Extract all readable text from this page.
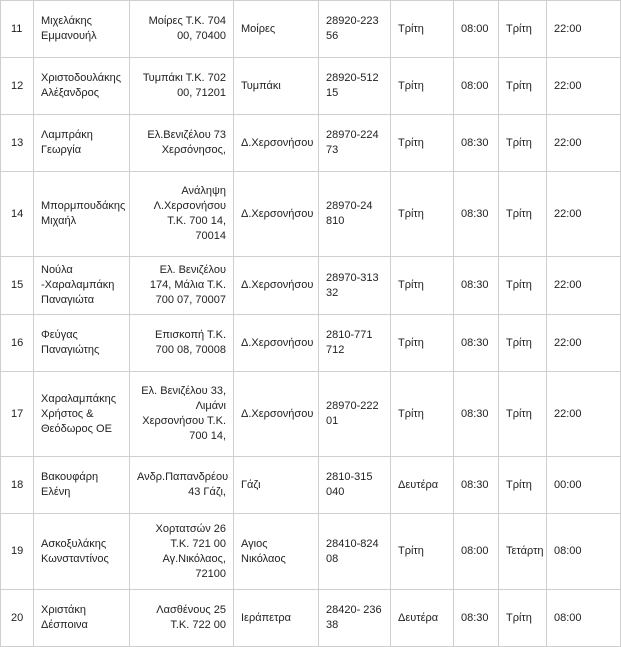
11	Μιχελάκης
Εμμανουήλ	Μοίρες Τ.Κ. 704
00, 70400	Μοίρες	28920-223
56	Τρίτη	08:00	Τρίτη	22:00
12	Χριστοδουλάκης
Αλέξανδρος	Τυμπάκι Τ.Κ. 702
00, 71201	Τυμπάκι	28920-512
15	Τρίτη	08:00	Τρίτη	22:00
13	Λαμπράκη
Γεωργία	Ελ.Βενιζέλου 73
Χερσόνησος,	Δ.Χερσονήσου	28970-224
73	Τρίτη	08:30	Τρίτη	22:00
14	Μπορμπουδάκης
Μιχαήλ	Ανάληψη
Λ.Χερσονήσου
Τ.Κ. 700 14,
70014	Δ.Χερσονήσου	28970-24
810	Τρίτη	08:30	Τρίτη	22:00
15	Νούλα
-Χαραλαμπάκη
Παναγιώτα	Ελ. Βενιζέλου
174, Μάλια Τ.Κ.
700 07, 70007	Δ.Χερσονήσου	28970-313
32	Τρίτη	08:30	Τρίτη	22:00
16	Φεύγας
Παναγιώτης	Επισκοπή Τ.Κ.
700 08, 70008	Δ.Χερσονήσου	2810-771
712	Τρίτη	08:30	Τρίτη	22:00
17	Χαραλαμπάκης
Χρήστος &
Θεόδωρος ΟΕ	Ελ. Βενιζέλου 33,
Λιμάνι
Χερσονήσου Τ.Κ.
700 14,	Δ.Χερσονήσου	28970-222
01	Τρίτη	08:30	Τρίτη	22:00
18	Βακουφάρη
Ελένη	Ανδρ.Παπανδρέου
43 Γάζι,	Γάζι	2810-315
040	Δευτέρα	08:30	Τρίτη	00:00
19	Ασκοξυλάκης
Κωνσταντίνος	Χορτατσών 26
Τ.Κ. 721 00
Αγ.Νικόλαος,
72100	Αγιος
Νικόλαος	28410-824
08	Τρίτη	08:00	Τετάρτη	08:00
20	Χριστάκη
Δέσποινα	Λασθένους 25
Τ.Κ. 722 00	Ιεράπετρα	28420- 236
38	Δευτέρα	08:30	Τρίτη	08:00
